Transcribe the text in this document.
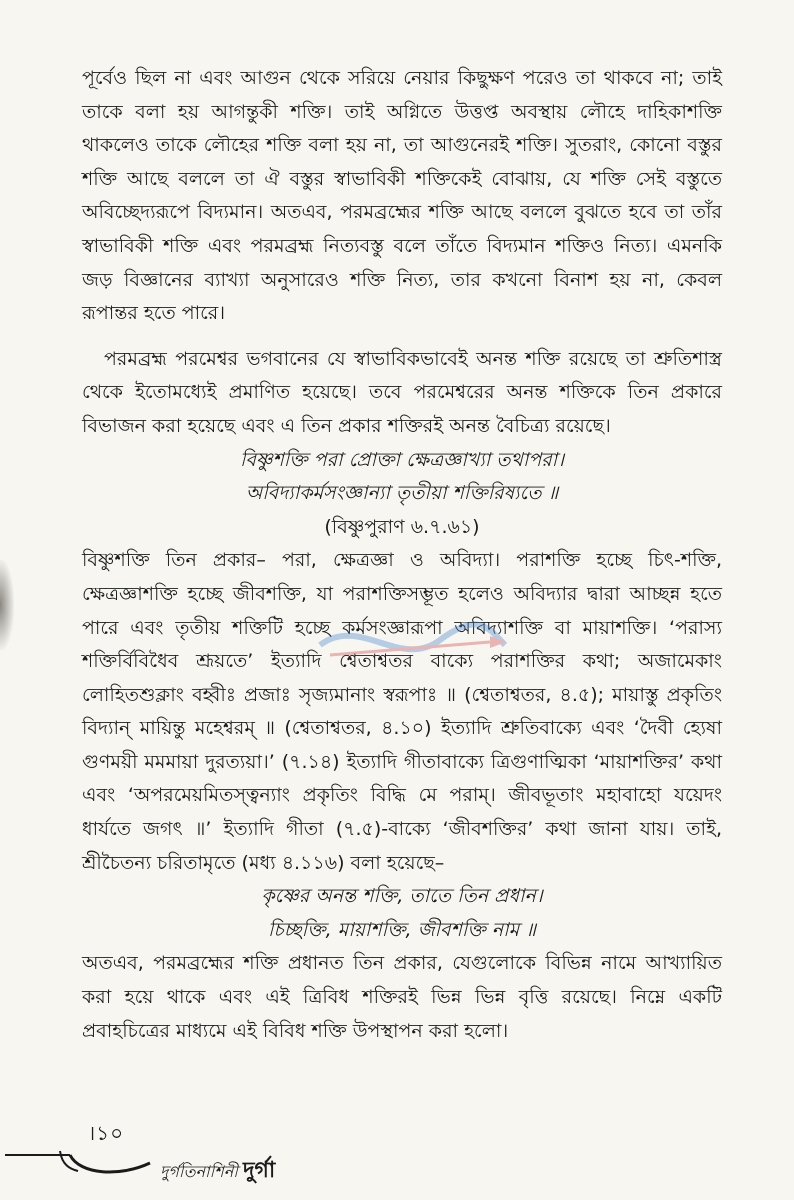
পূর্বেও ছিল না এবং আগুন থেকে সরিয়ে নেয়ার কিছুক্ষণ পরেও তা থাকবে না; তাই তাকে বলা হয় আগন্তুকী শক্তি। তাই অগ্নিতে উত্তপ্ত অবস্থায় লৌহে দাহিকাশক্তি থাকলেও তাকে লৌহের শক্তি বলা হয় না, তা আগুনেরই শক্তি। সুতরাং, কোনো বস্তুর শক্তি আছে বললে তা ঐ বস্তুর স্বাভাবিকী শক্তিকেই বোঝায়, যে শক্তি সেই বস্তুতে অবিচ্ছেদ্যরূপে বিদ্যমান। অতএব, পরমব্রহ্মের শক্তি আছে বললে বুঝতে হবে তা তাঁর স্বাভাবিকী শক্তি এবং পরমব্রহ্ম নিত্যবস্তু বলে তাঁতে বিদ্যমান শক্তিও নিত্য। এমনকি জড় বিজ্ঞানের ব্যাখ্যা অনুসারেও শক্তি নিত্য, তার কখনো বিনাশ হয় না, কেবল রূপান্তর হতে পারে।

পরমব্রহ্ম পরমেশ্বর ভগবানের যে স্বাভাবিকভাবেই অনন্ত শক্তি রয়েছে তা শ্রুতিশাস্ত্র থেকে ইতোমধ্যেই প্রমাণিত হয়েছে। তবে পরমেশ্বরের অনন্ত শক্তিকে তিন প্রকারে বিভাজন করা হয়েছে এবং এ তিন প্রকার শক্তিরই অনন্ত বৈচিত্র্য রয়েছে।

বিষ্ণুশক্তি পরা প্রোক্তা ক্ষেত্রজ্ঞাখ্যা তথাপরা।

অবিদ্যাকর্মসংজ্ঞান্যা তৃতীয়া শক্তিরিষ্যতে ॥

(বিষ্ণুপুরাণ ৬.৭.৬১)

বিষ্ণুশক্তি তিন প্রকার– পরা, ক্ষেত্রজ্ঞা ও অবিদ্যা। পরাশক্তি হচ্ছে চিৎ-শক্তি, ক্ষেত্রজ্ঞাশক্তি হচ্ছে জীবশক্তি, যা পরাশক্তিসম্ভূত হলেও অবিদ্যার দ্বারা আচ্ছন্ন হতে পারে এবং তৃতীয় শক্তিটি হচ্ছে কর্মসংজ্ঞারূপা অবিদ্যাশক্তি বা মায়াশক্তি। ‘পরাস্য শক্তির্বিবিধৈব শ্রূয়তে’ ইত্যাদি শ্বেতাশ্বতর বাক্যে পরাশক্তির কথা; অজামেকাং লোহিতশুক্লাং বহ্বীঃ প্রজাঃ সৃজ্যমানাং স্বরূপাঃ ॥ (শ্বেতাশ্বতর, ৪.৫); মায়াস্তু প্রকৃতিং বিদ্যান্ মায়িন্তু মহেশ্বরম্ ॥ (শ্বেতাশ্বতর, ৪.১০) ইত্যাদি শ্রুতিবাক্যে এবং ‘দৈবী হ্যেষা গুণময়ী মমমায়া দুরত্যয়া।’ (৭.১৪) ইত্যাদি গীতাবাক্যে ত্রিগুণাত্মিকা ‘মায়াশক্তির’ কথা এবং ‘অপরমেয়মিতস্ত্বন্যাং প্রকৃতিং বিদ্ধি মে পরাম্। জীবভূতাং মহাবাহো যয়েদং ধার্যতে জগৎ ॥’ ইত্যাদি গীতা (৭.৫)-বাক্যে ‘জীবশক্তির’ কথা জানা যায়। তাই, শ্রীচৈতন্য চরিতামৃতে (মধ্য ৪.১১৬) বলা হয়েছে–

কৃষ্ণের অনন্ত শক্তি, তাতে তিন প্রধান।

চিচ্ছক্তি, মায়াশক্তি, জীবশক্তি নাম ॥

অতএব, পরমব্রহ্মের শক্তি প্রধানত তিন প্রকার, যেগুলোকে বিভিন্ন নামে আখ্যায়িত করা হয়ে থাকে এবং এই ত্রিবিধ শক্তিরই ভিন্ন ভিন্ন বৃত্তি রয়েছে। নিম্নে একটি প্রবাহচিত্রের মাধ্যমে এই বিবিধ শক্তি উপস্থাপন করা হলো।

।১০
দুর্গতিনাশিনী দুর্গা
